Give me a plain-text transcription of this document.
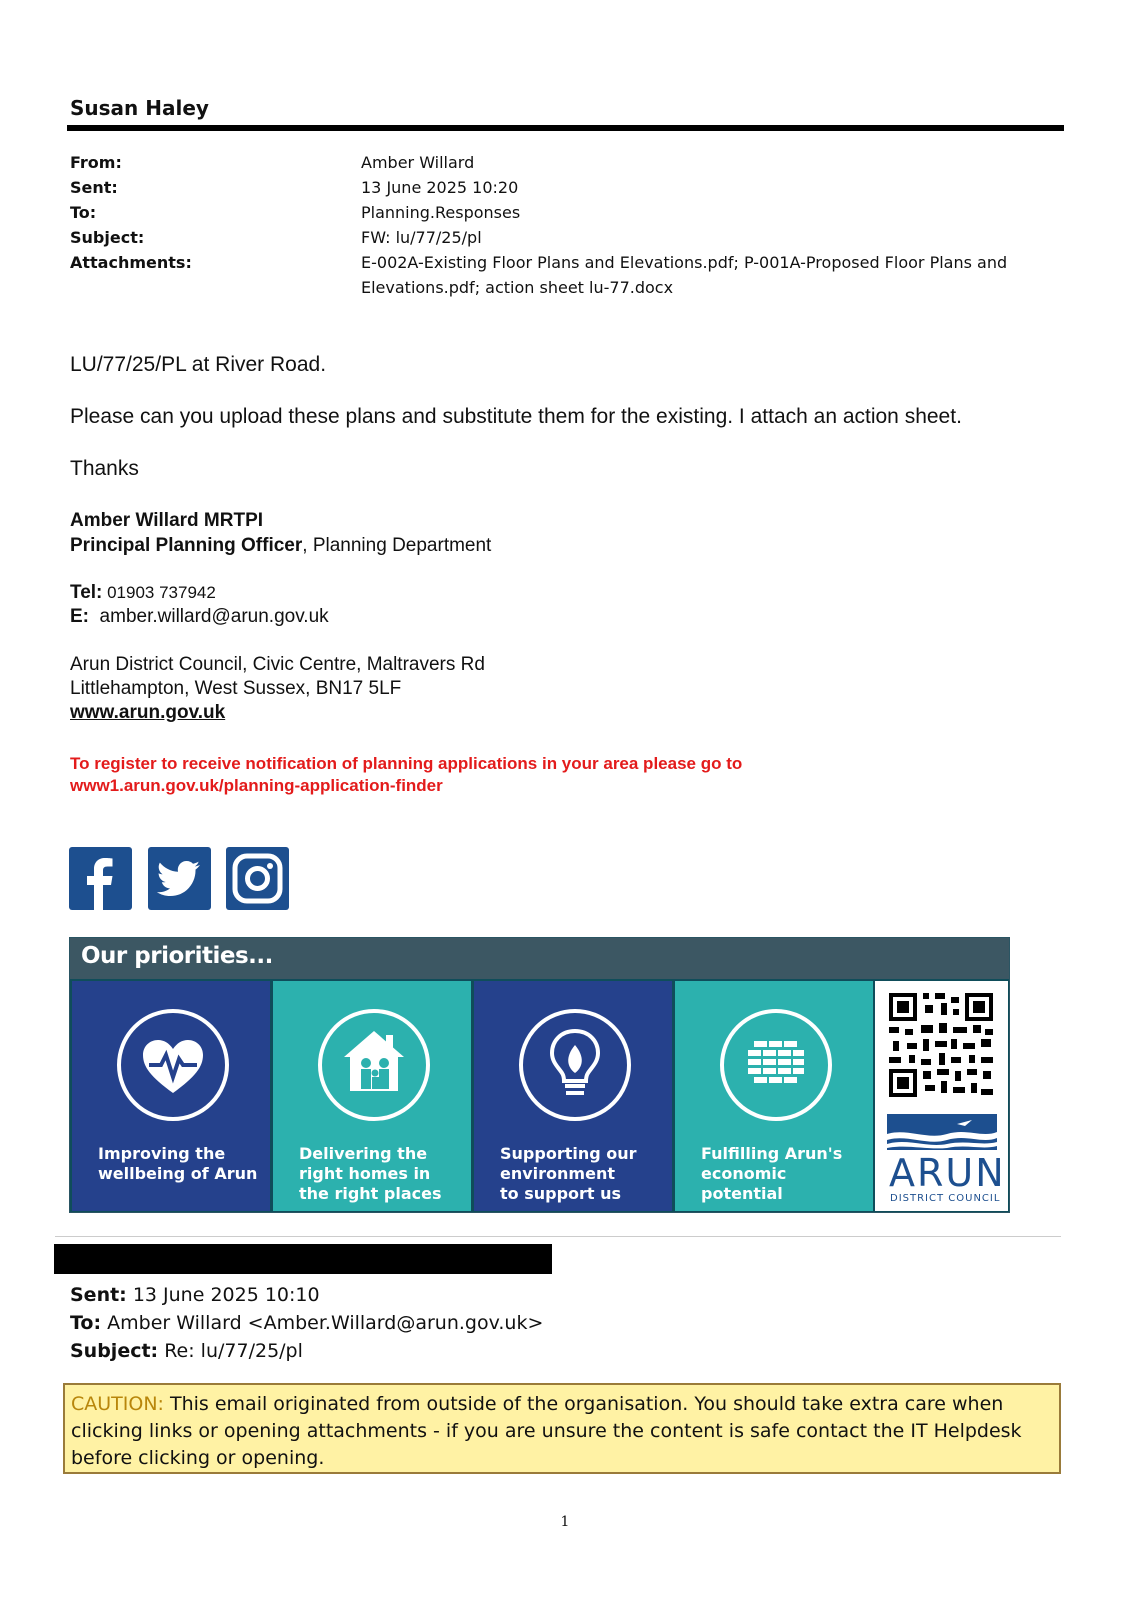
Susan Haley
From:	Amber Willard
Sent:	13 June 2025 10:20
To:	Planning.Responses
Subject:	FW: lu/77/25/pl
Attachments:	E-002A-Existing Floor Plans and Elevations.pdf; P-001A-Proposed Floor Plans and
Elevations.pdf; action sheet lu-77.docx
LU/77/25/PL at River Road.
Please can you upload these plans and substitute them for the existing. I attach an action sheet.
Thanks
Amber Willard MRTPI
Principal Planning Officer, Planning Department
Tel: 01903 737942
E:  amber.willard@arun.gov.uk
Arun District Council, Civic Centre, Maltravers Rd
Littlehampton, West Sussex, BN17 5LF
www.arun.gov.uk
To register to receive notification of planning applications in your area please go to
www1.arun.gov.uk/planning-application-finder
Our priorities...
Improving the
wellbeing of Arun
Delivering the
right homes in
the right places
Supporting our
environment
to support us
Fulfilling Arun's
economic potential	ARUN
DISTRICT COUNCIL
Sent: 13 June 2025 10:10
To: Amber Willard <Amber.Willard@arun.gov.uk>
Subject: Re: lu/77/25/pl

CAUTION: This email originated from outside of the organisation. You should take extra care when clicking links or opening attachments - if you are unsure the content is safe contact the IT Helpdesk before clicking or opening.

1
